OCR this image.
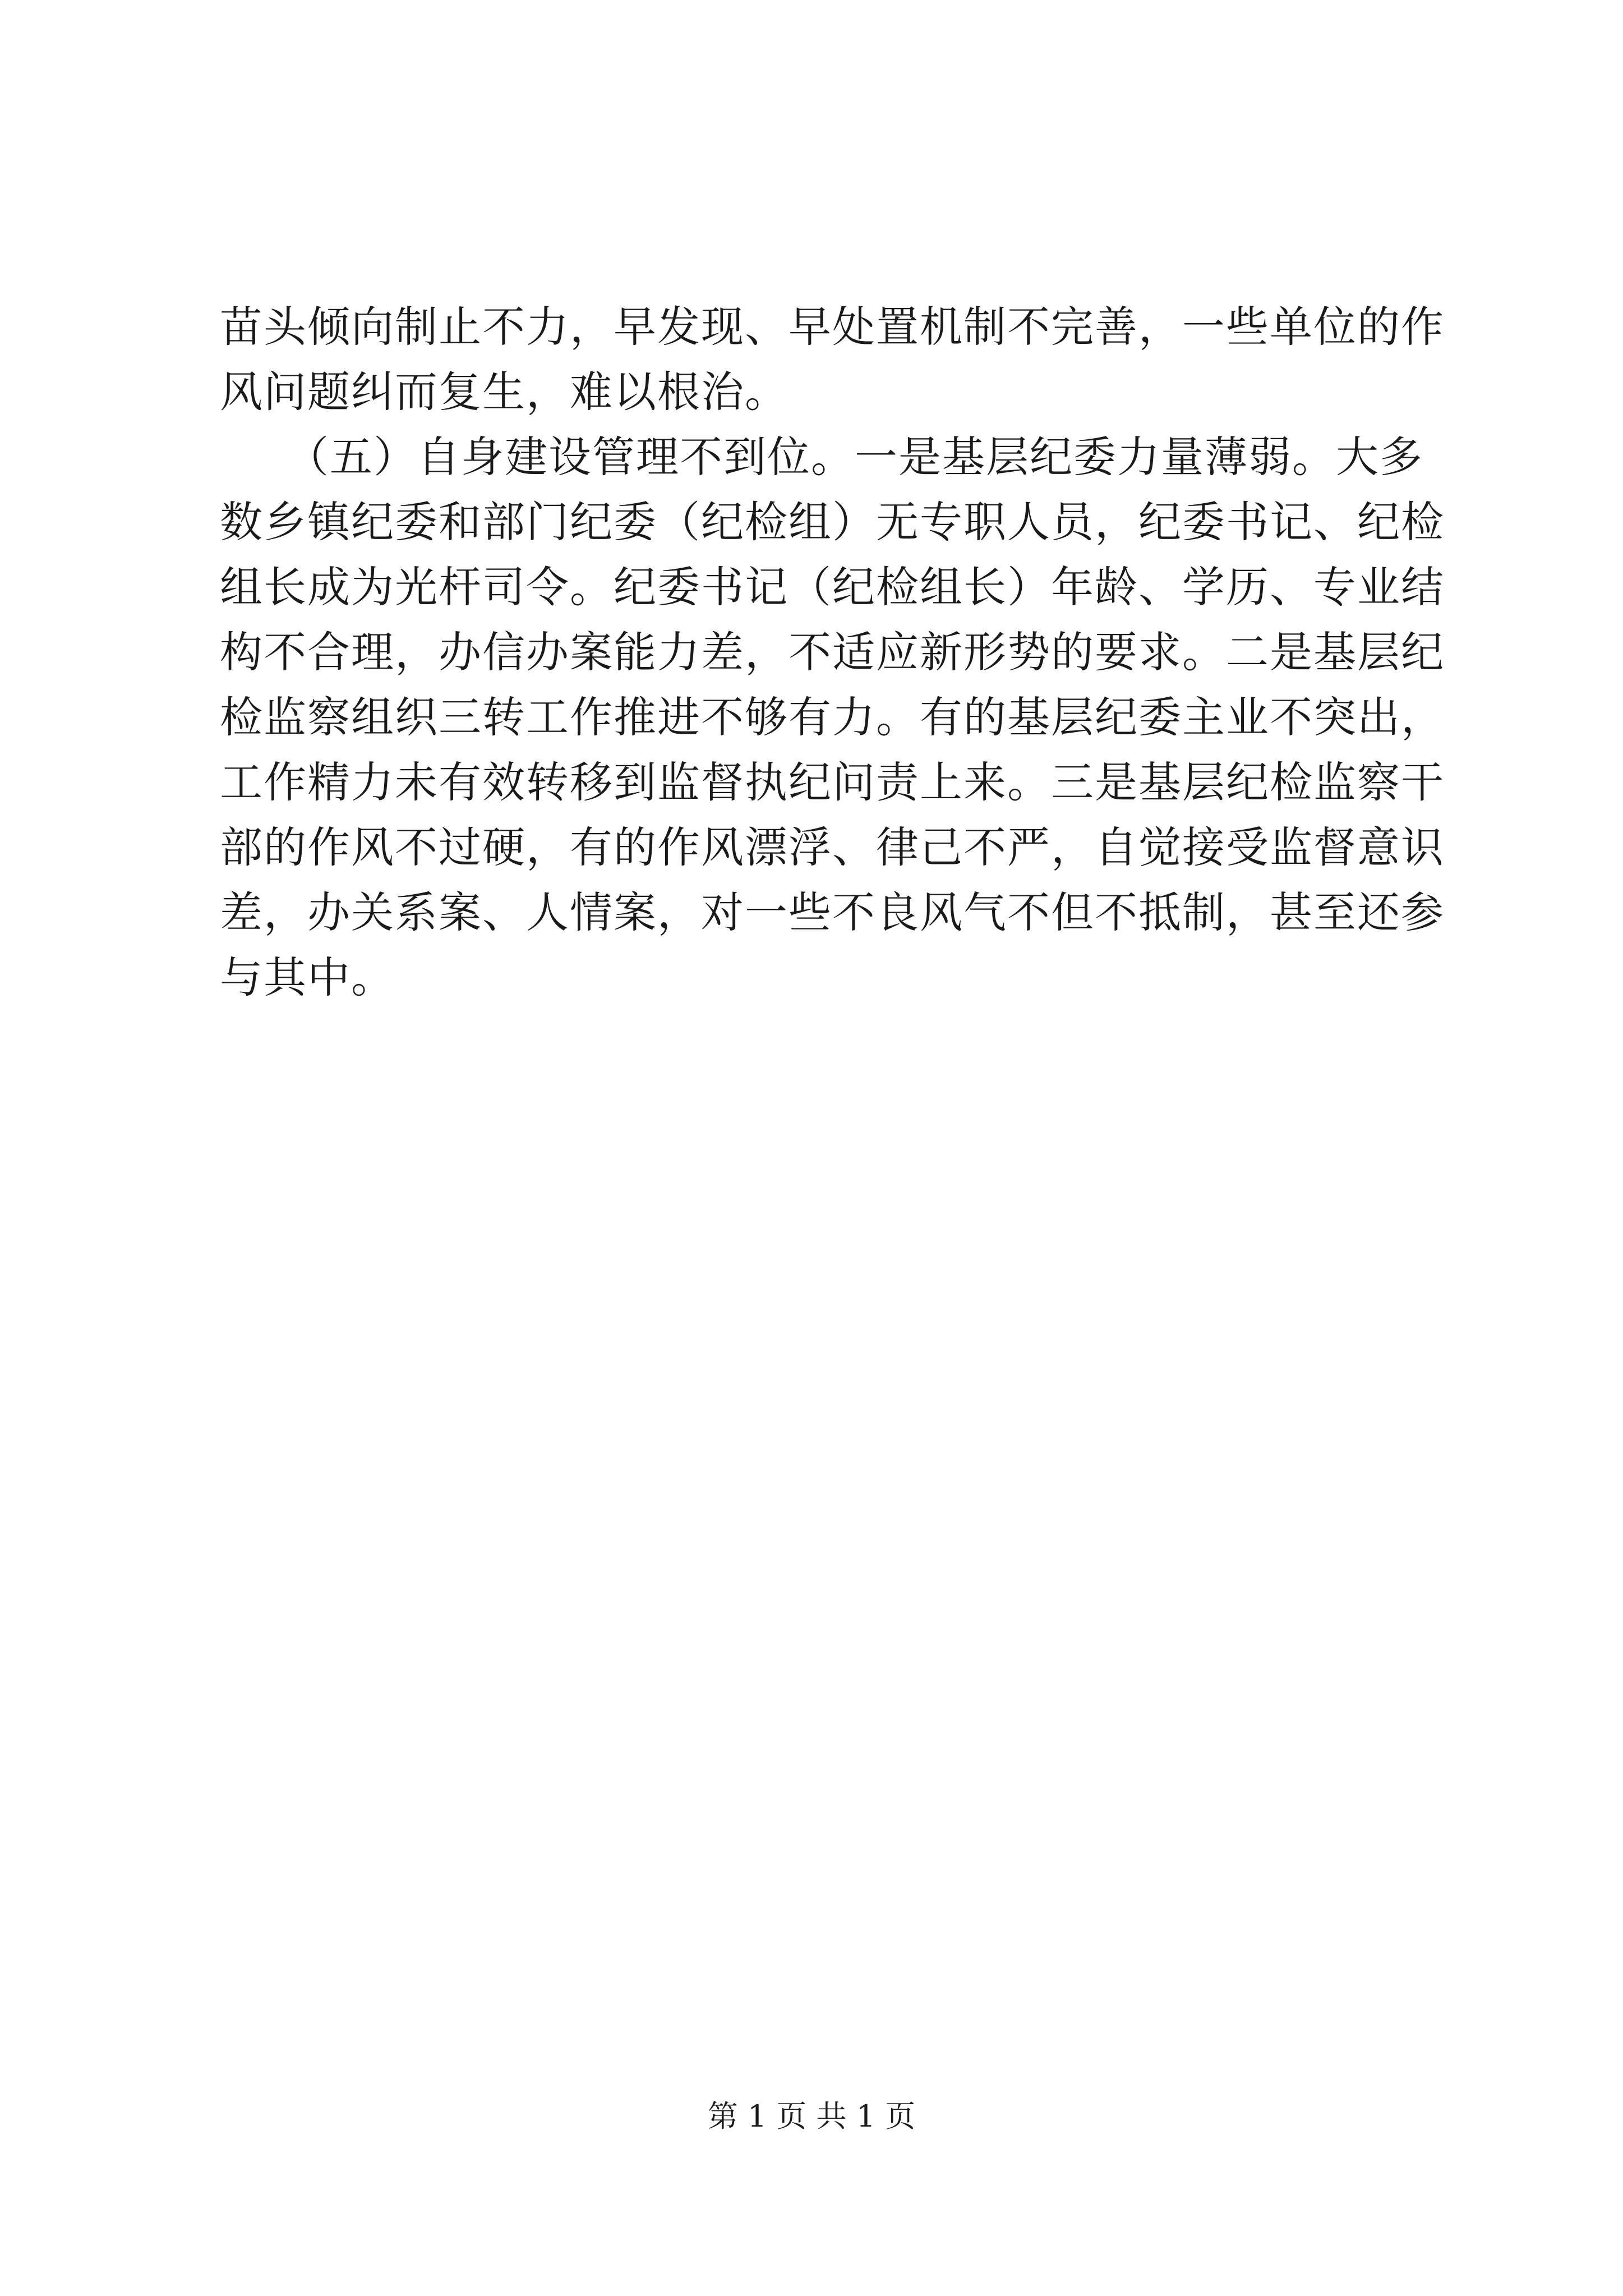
苗头倾向制止不力，早发现、早处置机制不完善，一些单位的作

风问题纠而复生，难以根治。

　　（五）自身建设管理不到位。一是基层纪委力量薄弱。大多

数乡镇纪委和部门纪委（纪检组）无专职人员，纪委书记、纪检

组长成为光杆司令。纪委书记（纪检组长）年龄、学历、专业结

构不合理，办信办案能力差，不适应新形势的要求。二是基层纪

检监察组织三转工作推进不够有力。有的基层纪委主业不突出，

工作精力未有效转移到监督执纪问责上来。三是基层纪检监察干

部的作风不过硬，有的作风漂浮、律己不严，自觉接受监督意识

差，办关系案、人情案，对一些不良风气不但不抵制，甚至还参

与其中。

第 1 页 共 1 页
